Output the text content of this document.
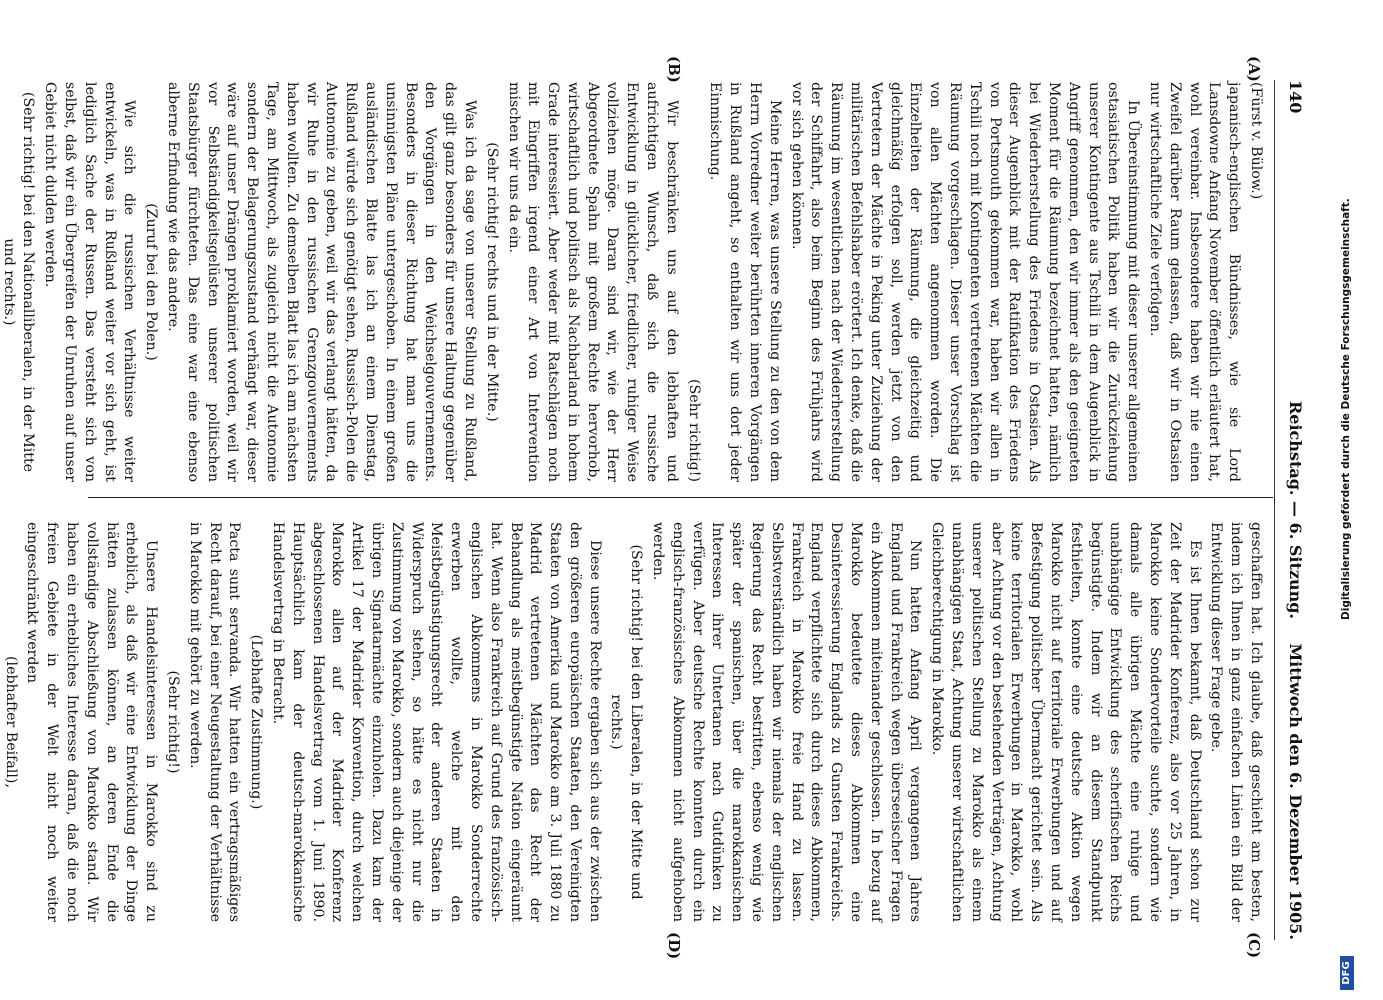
140
Reichstag. — 6. Sitzung.
Mittwoch den 6. Dezember 1905.
(A)
(B)
(C)
(D)

(Fürst v. Bülow.)

japanisch-englischen Bündnisses, wie sie Lord Lansdowne Anfang November öffentlich erläutert hat, wohl vereinbar. Insbesondere haben wir nie einen Zweifel darüber Raum gelassen, daß wir in Ostasien nur wirtschaftliche Ziele verfolgen.

In Übereinstimmung mit dieser unserer allgemeinen ostasiatischen Politik haben wir die Zurückziehung unserer Kontingente aus Tschili in dem Augenblick in Angriff genommen, den wir immer als den geeigneten Moment für die Räumung bezeichnet hatten, nämlich bei Wiederherstellung des Friedens in Ostasien. Als dieser Augenblick mit der Ratifikation des Friedens von Portsmouth gekommen war, haben wir allen in Tschili noch mit Kontingenten vertretenen Mächten die Räumung vorgeschlagen. Dieser unser Vorschlag ist von allen Mächten angenommen worden. Die Einzelheiten der Räumung, die gleichzeitig und gleichmäßig erfolgen soll, werden jetzt von den Vertretern der Mächte in Peking unter Zuziehung der militärischen Befehlshaber erörtert. Ich denke, daß die Räumung im wesentlichen nach der Wiederherstellung der Schiffahrt, also beim Beginn des Frühjahrs wird vor sich gehen können.

Meine Herren, was unsere Stellung zu den von dem Herrn Vorredner weiter berührten inneren Vorgängen in Rußland angeht, so enthalten wir uns dort jeder Einmischung.

(Sehr richtig!)

Wir beschränken uns auf den lebhaften und aufrichtigen Wunsch, daß sich die russische Entwicklung in glücklicher, friedlicher, ruhiger Weise vollziehen möge. Daran sind wir, wie der Herr Abgeordnete Spahn mit großem Rechte hervorhob, wirtschaftlich und politisch als Nachbarland in hohem Grade interessiert. Aber weder mit Ratschlägen noch mit Eingriffen irgend einer Art von Intervention mischen wir uns da ein.

(Sehr richtig! rechts und in der Mitte.)

Was ich da sage von unserer Stellung zu Rußland, das gilt ganz besonders für unsere Haltung gegenüber den Vorgängen in den Weichselgouvernements. Besonders in dieser Richtung hat man uns die unsinnigsten Pläne untergeschoben. In einem großen ausländischen Blatte las ich an einem Dienstag, Rußland würde sich genötigt sehen, Russisch-Polen die Autonomie zu geben, weil wir das verlangt hätten, da wir Ruhe in den russischen Grenzgouvernements haben wollten. Zu demselben Blatt las ich am nächsten Tage, am Mittwoch, als zugleich nicht die Autonomie sondern der Belagerungszustand verhängt war, dieser wäre auf unser Drängen proklamiert worden, weil wir vor Selbständigkeitsgelüsten unserer politischen Staatsbürger fürchteten. Das eine war eine ebenso alberne Erfindung wie das andere.

(Zuruf bei den Polen.)

Wie sich die russischen Verhältnisse weiter entwickeln, was in Rußland weiter vor sich geht, ist lediglich Sache der Russen. Das versteht sich von selbst, daß wir ein Übergreifen der Unruhen auf unser Gebiet nicht dulden werden.

(Sehr richtig! bei den Nationalliberalen, in der Mitte und rechts.)

geschaffen hat. Ich glaube, daß geschieht am besten, indem ich Ihnen in ganz einfachen Linien ein Bild der Entwicklung dieser Frage gebe.

Es ist Ihnen bekannt, daß Deutschland schon zur Zeit der Madrider Konferenz, also vor 25 Jahren, in Marokko keine Sondervorteile suchte, sondern wie damals alle übrigen Mächte eine ruhige und unabhängige Entwicklung des scherifischen Reichs begünstigte. Indem wir an diesem Standpunkt festhielten, konnte eine deutsche Aktion wegen Marokko nicht auf territoriale Erwerbungen und auf Befestigung politischer Übermacht gerichtet sein. Als keine territorialen Erwerbungen in Marokko, wohl aber Achtung vor den bestehenden Verträgen, Achtung unserer politischen Stellung zu Marokko als einem unabhängigen Staat, Achtung unserer wirtschaftlichen Gleichberechtigung in Marokko.

Nun hatten Anfang April vergangenen Jahres England und Frankreich wegen überseeischer Fragen ein Abkommen miteinander geschlossen. In bezug auf Marokko bedeutete dieses Abkommen eine Desinteressierung Englands zu Gunsten Frankreichs. England verpflichtete sich durch dieses Abkommen, Frankreich in Marokko freie Hand zu lassen. Selbstverständlich haben wir niemals der englischen Regierung das Recht bestritten, ebenso wenig wie später der spanischen, über die marokkanischen Interessen ihrer Untertanen nach Gutdünken zu verfügen. Aber deutsche Rechte konnten durch ein englisch-französisches Abkommen nicht aufgehoben werden.

(Sehr richtig! bei den Liberalen, in der Mitte und rechts.)

Diese unsere Rechte ergaben sich aus der zwischen den größeren europäischen Staaten, den Vereinigten Staaten von Amerika und Marokko am 3. Juli 1880 zu Madrid vertretenen Mächten das Recht der Behandlung als meistbegünstigte Nation eingeräumt hat. Wenn also Frankreich auf Grund des französisch-englischen Abkommens in Marokko Sonderrechte erwerben wollte, welche mit den Meistbegünstigungsrecht der anderen Staaten in Widerspruch stehen, so hätte es nicht nur die Zustimmung von Marokko, sondern auch diejenige der übrigen Signatarmächte einzuholen. Dazu kam der Artikel 17 der Madrider Konvention, durch welchen Marokko allen auf der Madrider Konferenz abgeschlossenen Handelsvertrag vom 1. Juni 1890. Hauptsächlich kam der deutsch-marokkanische Handelsvertrag in Betracht.

(Lebhafte Zustimmung.)

Pacta sunt servanda. Wir hatten ein vertragsmäßiges Recht darauf, bei einer Neugestaltung der Verhältnisse in Marokko mit gehört zu werden.

(Sehr richtig!)

Unsere Handelsinteressen in Marokko sind zu erheblich, als daß wir eine Entwicklung der Dinge hätten zulassen können, an deren Ende die vollständige Abschließung von Marokko stand. Wir haben ein erhebliches Interesse daran, daß die noch freien Gebiete in der Welt nicht noch weiter eingeschränkt werden

(lebhafter Beifall),

Digitalisierung gefördert durch die Deutsche Forschungsgemeinschaft.
DFG
